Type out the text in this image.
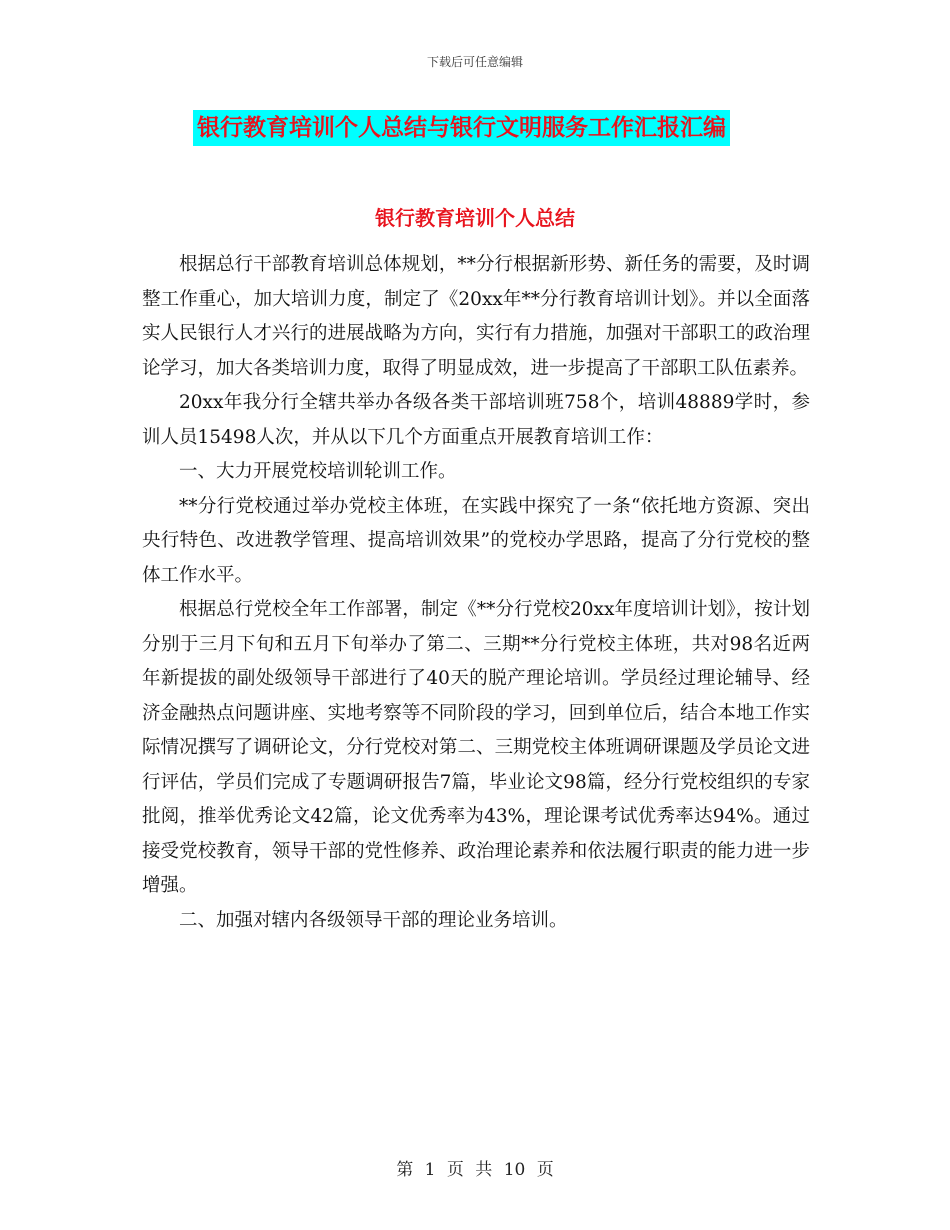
下载后可任意编辑
银行教育培训个人总结与银行文明服务工作汇报汇编
银行教育培训个人总结

根据总行干部教育培训总体规划，**分行根据新形势、新任务的需要，及时调整工作重心，加大培训力度，制定了《20xx年**分行教育培训计划》。并以全面落实人民银行人才兴行的进展战略为方向，实行有力措施，加强对干部职工的政治理论学习，加大各类培训力度，取得了明显成效，进一步提高了干部职工队伍素养。

20xx年我分行全辖共举办各级各类干部培训班758个，培训48889学时，参训人员15498人次，并从以下几个方面重点开展教育培训工作：

一、大力开展党校培训轮训工作。

**分行党校通过举办党校主体班，在实践中探究了一条“依托地方资源、突出央行特色、改进教学管理、提高培训效果”的党校办学思路，提高了分行党校的整体工作水平。

根据总行党校全年工作部署，制定《**分行党校20xx年度培训计划》，按计划分别于三月下旬和五月下旬举办了第二、三期**分行党校主体班，共对98名近两年新提拔的副处级领导干部进行了40天的脱产理论培训。学员经过理论辅导、经济金融热点问题讲座、实地考察等不同阶段的学习，回到单位后，结合本地工作实际情况撰写了调研论文，分行党校对第二、三期党校主体班调研课题及学员论文进行评估，学员们完成了专题调研报告7篇，毕业论文98篇，经分行党校组织的专家批阅，推举优秀论文42篇，论文优秀率为43%，理论课考试优秀率达94%。通过接受党校教育，领导干部的党性修养、政治理论素养和依法履行职责的能力进一步增强。

二、加强对辖内各级领导干部的理论业务培训。

第 1 页 共 10 页
